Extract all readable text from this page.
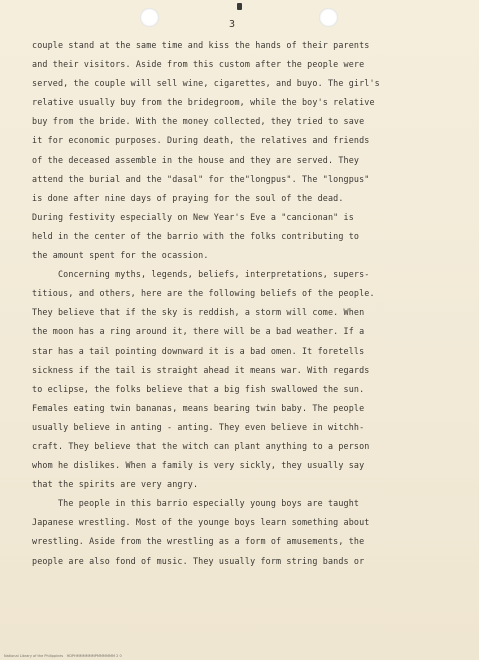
3
couple stand at the same time and kiss the hands of their parents
and their visitors. Aside from this custom after the people were
served, the couple will sell wine, cigarettes, and buyo. The girl's
relative usually buy from the bridegroom, while the boy's relative
buy from the bride. With the money collected, they tried to save
it for economic purposes. During death, the relatives and friends
of the deceased assemble in the house and they are served. They
attend the burial and the "dasal" for the"longpus". The "longpus"
is done after nine days of praying for the soul of the dead.
During festivity especially on New Year's Eve a "cancionan" is
held in the center of the barrio with the folks contributing to
the amount spent for the ocassion.
Concerning myths, legends, beliefs, interpretations, supers-
titious, and others, here are the following beliefs of the people.
They believe that if the sky is reddish, a storm will come. When
the moon has a ring around it, there will be a bad weather. If a
star has a tail pointing downward it is a bad omen. It foretells
sickness if the tail is straight ahead it means war. With regards
to eclipse, the folks believe that a big fish swallowed the sun.
Females eating twin bananas, means bearing twin baby. The people
usually believe in anting - anting. They even believe in witchh-
craft. They believe that the witch can plant anything to a person
whom he dislikes. When a family is very sickly, they usually say
that the spirits are very angry.
The people in this barrio especially young boys are taught
Japanese wrestling. Most of the younge boys learn something about
wrestling. Aside from the wrestling as a form of amusements, the
people are also fond of music. They usually form string bands or
National Library of the Philippines   HDPHMMMMMMPMMMMMM 2 0
